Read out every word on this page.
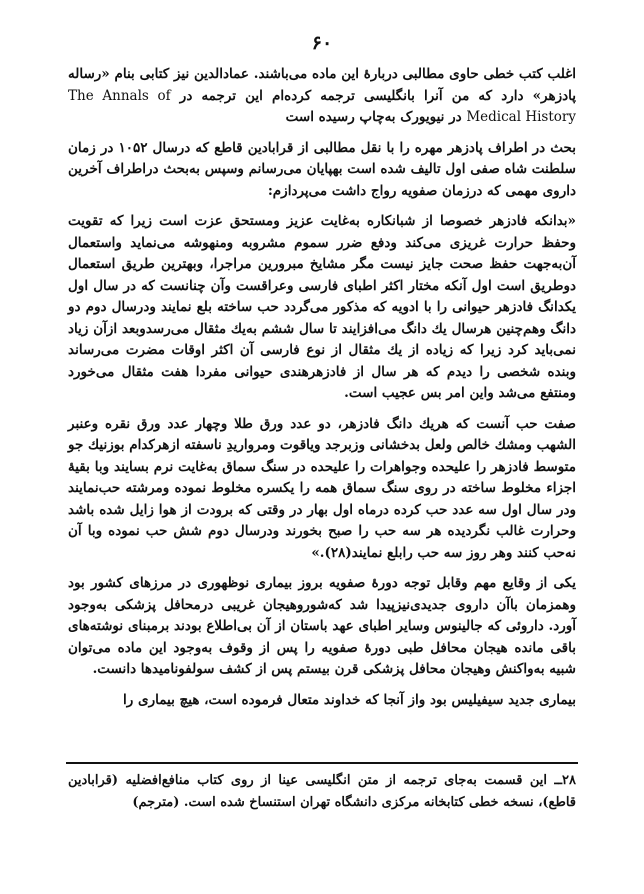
۶۰

اغلب کتب خطی حاوی مطالبی دربارهٔ این ماده می‌باشند. عمادالدین نیز کتابی بنام «رساله پادزهر» دارد که من آنرا بانگلیسی ترجمه کرده‌ام این ترجمه در The Annals of Medical History در نیویورک به‌چاپ رسیده است

بحث در اطراف پادزهر مهره را با نقل مطالبی از قرابادین قاطع که درسال ۱۰۵۲ در زمان سلطنت شاه صفی اول تالیف شده است بهپایان می‌رسانم وسپس به‌بحث دراطراف آخرین داروی مهمی که درزمان صفویه رواج داشت می‌پردازم:

«بدانکه فادزهر خصوصا از شبانکاره به‌غایت عزیز ومستحق عزت است زیرا که تقویت وحفظ حرارت غریزی می‌کند ودفع ضرر سموم مشروبه ومنهوشه می‌نماید واستعمال آن‌به‌جهت حفظ صحت جایز نیست مگر مشایخ مبرورین مراجرا، وبهترین طریق استعمال دوطریق است اول آنکه مختار اکثر اطبای فارسی وعراقست وآن چنانست که در سال اول یکدانگ فادزهر حیوانی را با ادویه که مذکور می‌گردد حب ساخته بلع نمایند ودرسال دوم دو دانگ وهم‌چنین هرسال یك دانگ می‌افزایند تا سال ششم به‌یك مثقال می‌رسدوبعد ازآن زیاد نمی‌باید کرد زیرا که زیاده از یك مثقال از نوع فارسی آن اکثر اوقات مضرت می‌رساند وبنده شخصی را دیدم که هر سال از فادزهرهندی حیوانی مفردا هفت مثقال می‌خورد ومنتفع می‌شد واین امر بس عجیب است.

صفت حب آنست که هریك دانگ فادزهر، دو عدد ورق طلا وچهار عدد ورق نقره وعنبر الشهب ومشك خالص ولعل بدخشانی وزبرجد ویاقوت ومرواریدِ ناسفته ازهرکدام بوزنیك جو متوسط فادزهر را علیحده وجواهرات را علیحده در سنگ سماق به‌غایت نرم بسایند وبا بقیهٔ اجزاء مخلوط ساخته در روی سنگ سماق همه را یکسره مخلوط نموده ومرشته حب‌نمایند ودر سال اول سه عدد حب کرده درماه اول بهار در وقتی که برودت از هوا زایل شده باشد وحرارت غالب نگردیده هر سه حب را صبح بخورند ودرسال دوم شش حب نموده وبا آن نه‌حب کنند وهر روز سه حب رابلع نمایند(۲۸).»

یکی از وقایع مهم وقابل توجه دورهٔ صفویه بروز بیماری نوظهوری در مرزهای کشور بود وهمزمان باآن داروی جدیدی‌نیزپیدا شد که‌شوروهیجان غریبی درمحافل پزشکی به‌وجود آورد. داروئی که جالینوس وسایر اطبای عهد باستان از آن بی‌اطلاع بودند برمبنای نوشته‌های باقی مانده هیجان محافل طبی دورهٔ صفویه را پس از وقوف به‌وجود این ماده می‌توان شبیه به‌واکنش وهیجان محافل پزشکی قرن بیستم پس از کشف سولفونامیدها دانست.

بیماری جدید سیفیلیس بود واز آنجا که خداوند متعال فرموده است، هیچ بیماری را

۲۸ــ این قسمت به‌جای ترجمه از متن انگلیسی عینا از روی کتاب منافع‌افضلیه (قرابادین قاطع)، نسخه خطی کتابخانه مرکزی دانشگاه تهران استنساخ شده است. (مترجم)
